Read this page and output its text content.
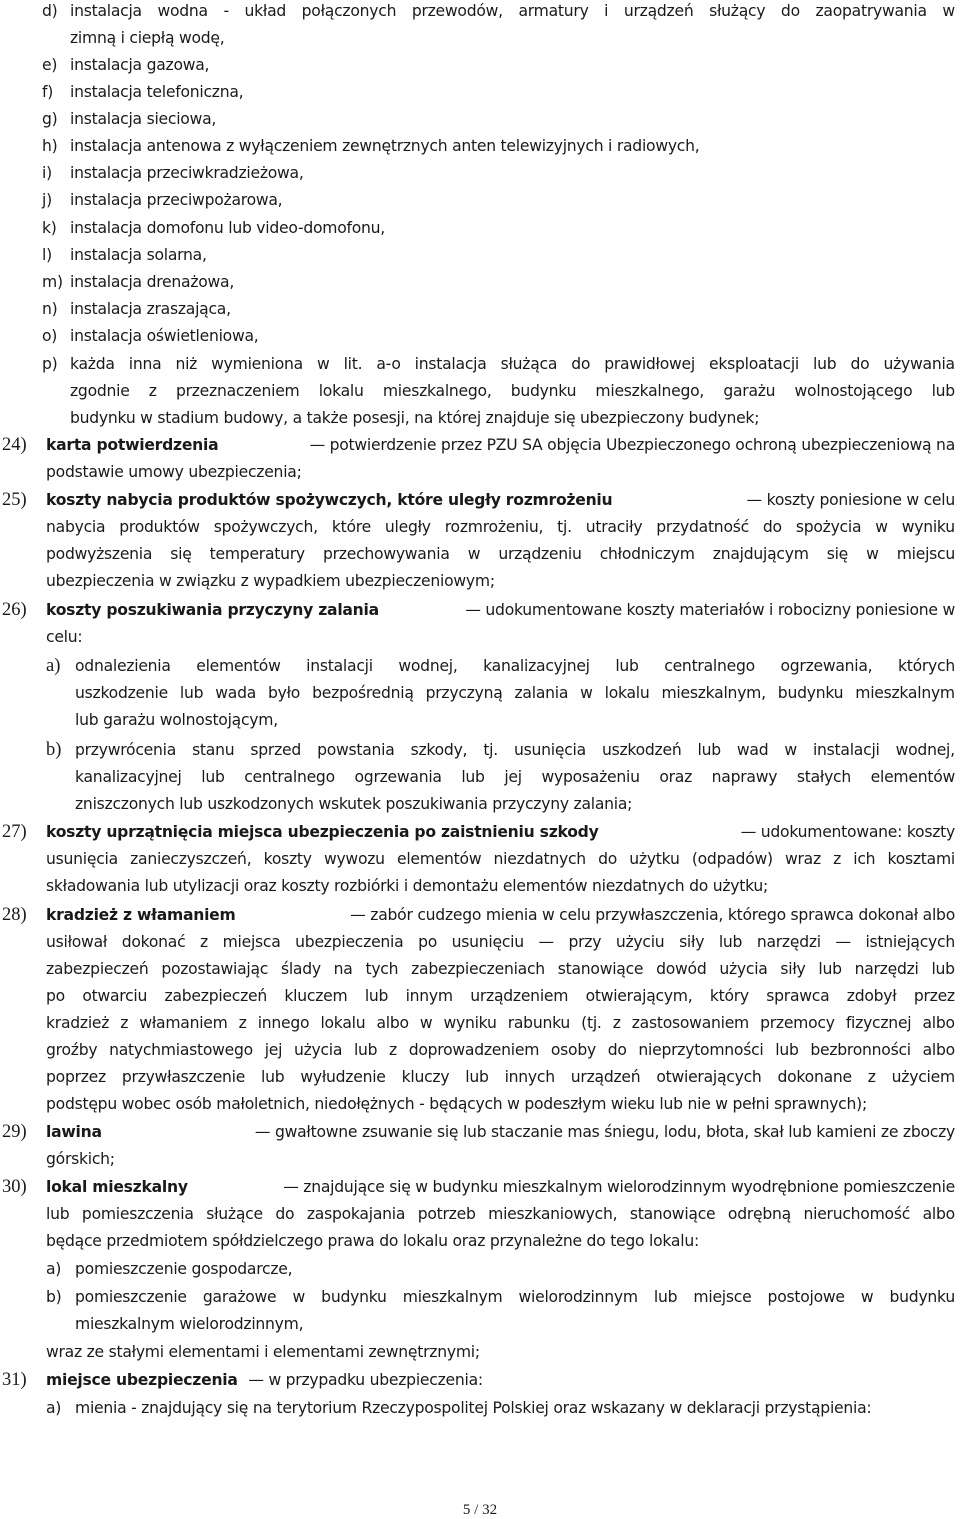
d) instalacja wodna - układ połączonych przewodów, armatury i urządzeń służący do zaopatrywania w
zimną i ciepłą wodę,
e) instalacja gazowa,
f) instalacja telefoniczna,
g) instalacja sieciowa,
h) instalacja antenowa z wyłączeniem zewnętrznych anten telewizyjnych i radiowych,
i) instalacja przeciwkradzieżowa,
j) instalacja przeciwpożarowa,
k) instalacja domofonu lub video-domofonu,
l) instalacja solarna,
m) instalacja drenażowa,
n) instalacja zraszająca,
o) instalacja oświetleniowa,
p) każda inna niż wymieniona w lit. a-o instalacja służąca do prawidłowej eksploatacji lub do używania
zgodnie z przeznaczeniem lokalu mieszkalnego, budynku mieszkalnego, garażu wolnostojącego lub
budynku w stadium budowy, a także posesji, na której znajduje się ubezpieczony budynek;
24) karta potwierdzenia	— potwierdzenie przez PZU SA objęcia Ubezpieczonego ochroną ubezpieczeniową na
podstawie umowy ubezpieczenia;
25) koszty nabycia produktów spożywczych, które uległy rozmrożeniu	— koszty poniesione w celu
nabycia produktów spożywczych, które uległy rozmrożeniu, tj. utraciły przydatność do spożycia w wyniku
podwyższenia się temperatury przechowywania w urządzeniu chłodniczym znajdującym się w miejscu
ubezpieczenia w związku z wypadkiem ubezpieczeniowym;
26) koszty poszukiwania przyczyny zalania	— udokumentowane koszty materiałów i robocizny poniesione w
celu:
a) odnalezienia elementów instalacji wodnej, kanalizacyjnej lub centralnego ogrzewania, których
uszkodzenie lub wada było bezpośrednią przyczyną zalania w lokalu mieszkalnym, budynku mieszkalnym
lub garażu wolnostojącym,
b) przywrócenia stanu sprzed powstania szkody, tj. usunięcia uszkodzeń lub wad w instalacji wodnej,
kanalizacyjnej lub centralnego ogrzewania lub jej wyposażeniu oraz naprawy stałych elementów
zniszczonych lub uszkodzonych wskutek poszukiwania przyczyny zalania;
27) koszty uprzątnięcia miejsca ubezpieczenia po zaistnieniu szkody	— udokumentowane: koszty
usunięcia zanieczyszczeń, koszty wywozu elementów niezdatnych do użytku (odpadów) wraz z ich kosztami
składowania lub utylizacji oraz koszty rozbiórki i demontażu elementów niezdatnych do użytku;
28) kradzież z włamaniem	— zabór cudzego mienia w celu przywłaszczenia, którego sprawca dokonał albo
usiłował dokonać z miejsca ubezpieczenia po usunięciu — przy użyciu siły lub narzędzi — istniejących
zabezpieczeń pozostawiając ślady na tych zabezpieczeniach stanowiące dowód użycia siły lub narzędzi lub
po otwarciu zabezpieczeń kluczem lub innym urządzeniem otwierającym, który sprawca zdobył przez
kradzież z włamaniem z innego lokalu albo w wyniku rabunku (tj. z zastosowaniem przemocy fizycznej albo
groźby natychmiastowego jej użycia lub z doprowadzeniem osoby do nieprzytomności lub bezbronności albo
poprzez przywłaszczenie lub wyłudzenie kluczy lub innych urządzeń otwierających dokonane z użyciem
podstępu wobec osób małoletnich, niedołężnych - będących w podeszłym wieku lub nie w pełni sprawnych);
29) lawina	— gwałtowne zsuwanie się lub staczanie mas śniegu, lodu, błota, skał lub kamieni ze zboczy
górskich;
30) lokal mieszkalny	— znajdujące się w budynku mieszkalnym wielorodzinnym wyodrębnione pomieszczenie
lub pomieszczenia służące do zaspokajania potrzeb mieszkaniowych, stanowiące odrębną nieruchomość albo
będące przedmiotem spółdzielczego prawa do lokalu oraz przynależne do tego lokalu:
a) pomieszczenie gospodarcze,
b) pomieszczenie garażowe w budynku mieszkalnym wielorodzinnym lub miejsce postojowe w budynku
mieszkalnym wielorodzinnym,
wraz ze stałymi elementami i elementami zewnętrznymi;
31) miejsce ubezpieczenia — w przypadku ubezpieczenia:
a) mienia - znajdujący się na terytorium Rzeczypospolitej Polskiej oraz wskazany w deklaracji przystąpienia:
5 / 32
